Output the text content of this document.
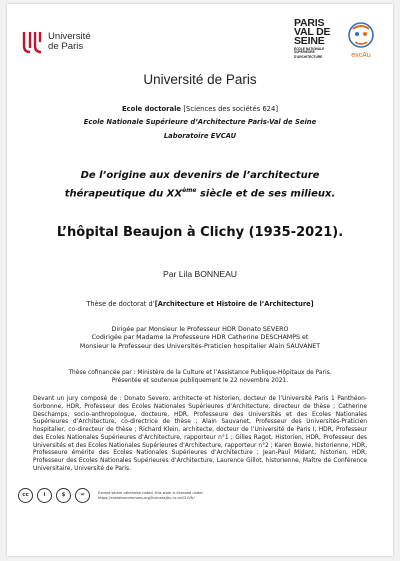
Université
de Paris
PARIS
VAL DE
SEINE
ÉCOLE NATIONALE SUPÉRIEURE
D'ARCHITECTURE	evcAu
Université de Paris
Ecole doctorale [Sciences des sociétés 624]
Ecole Nationale Supérieure d’Architecture Paris-Val de Seine
Laboratoire EVCAU
De l’origine aux devenirs de l’architecture
thérapeutique du XXème siècle et de ses milieux.
L’hôpital Beaujon à Clichy (1935-2021).
Par Lila BONNEAU
Thèse de doctorat d’[Architecture et Histoire de l’Architecture]
Dirigée par Monsieur le Professeur HDR Donato SEVERO
Codirigée par Madame la Professeure HDR Catherine DESCHAMPS et
Monsieur le Professeur des Universités-Praticien hospitalier Alain SAUVANET
Thèse cofinancée par : Ministère de la Culture et l’Assistance Publique-Hôpitaux de Paris.
Présentée et soutenue publiquement le 22 novembre 2021.
Devant un jury composé de : Donato Severo, architecte et historien, docteur de l’Université Paris 1 Panthéon-Sorbonne, HDR, Professeur des Ecoles Nationales Supérieures d’Architecture, directeur de thèse ; Catherine Deschamps, socio-anthropologue, docteure, HDR, Professeure des Universités et des Ecoles Nationales Supérieures d’Architecture, co-directrice de thèse ; Alain Sauvanet, Professeur des Universités-Praticien hospitalier, co-directeur de thèse ; Richard Klein, architecte, docteur de l’Université de Paris I, HDR, Professeur des Ecoles Nationales Supérieures d’Architecture, rapporteur n°1 ; Gilles Ragot, Historien, HDR, Professeur des Universités et des Ecoles Nationales Supérieures d’Architecture, rapporteur n°2 ; Karen Bowie, historienne, HDR, Professeure émérite des Ecoles Nationales Supérieures d’Architecture ; Jean-Paul Midant, historien, HDR, Professeur des Ecoles Nationales Supérieures d’Architecture, Laurence Gillot, historienne, Maître de Conférence Universitaire, Université de Paris.
cc	i	$	=	Except where otherwise noted, this work is licensed under
https://creativecommons.org/licenses/by-nc-nd/3.0/fr/
